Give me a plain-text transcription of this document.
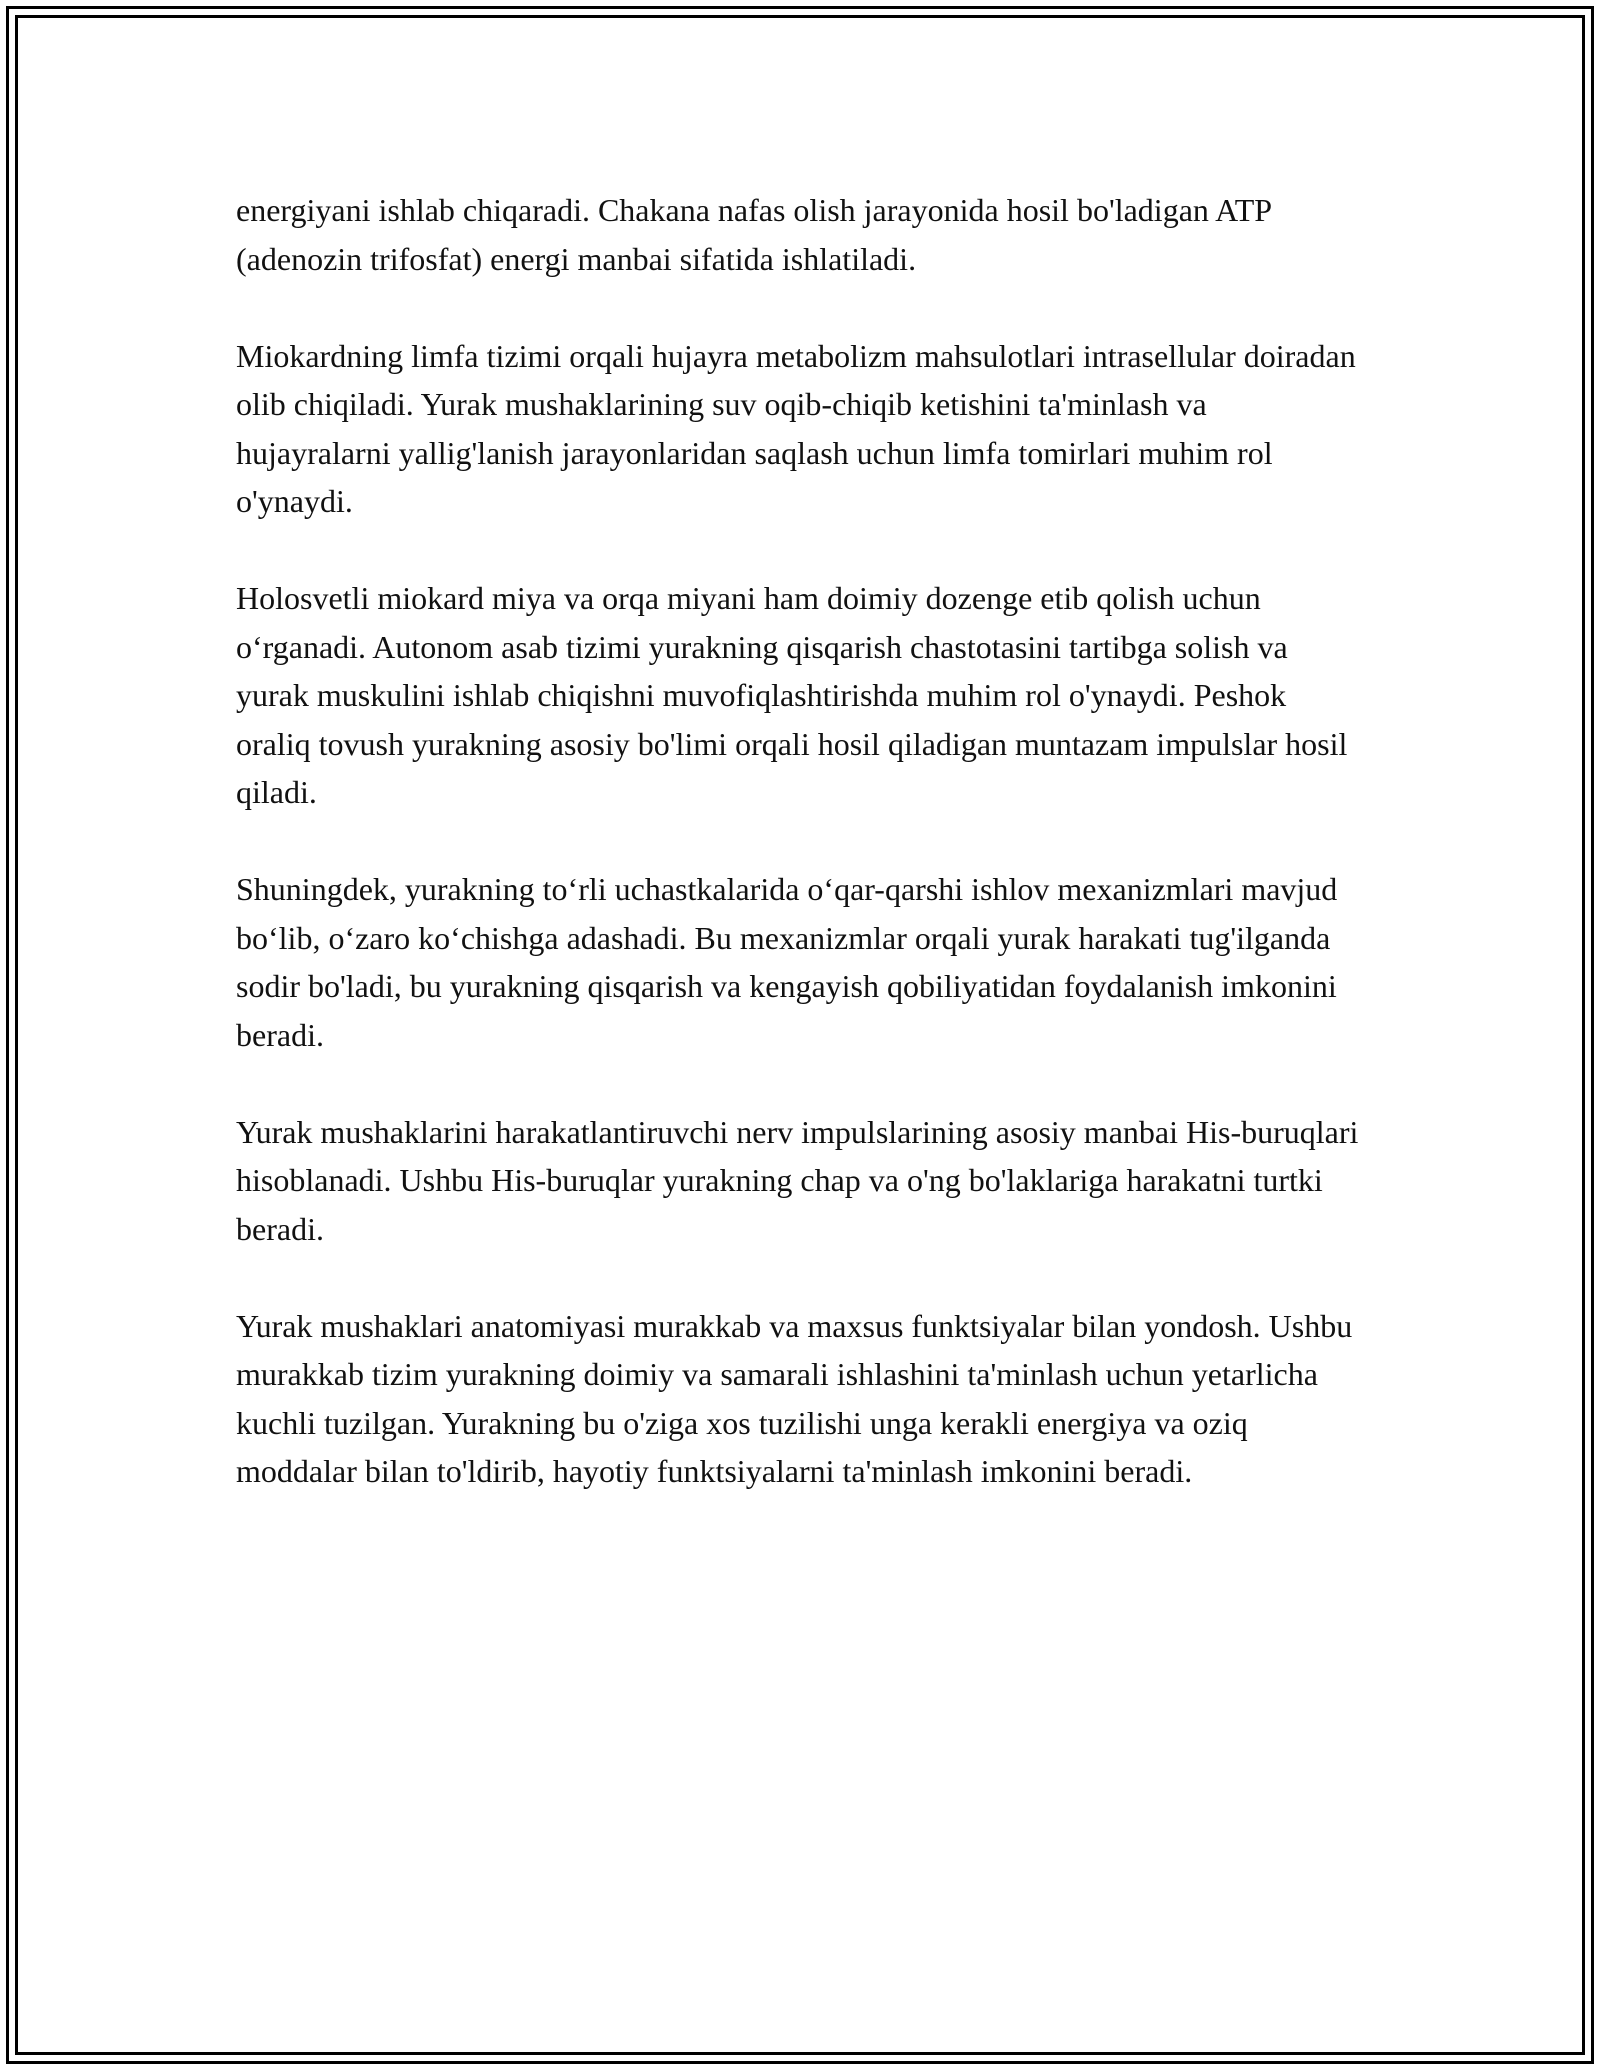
energiyani ishlab chiqaradi. Chakana nafas olish jarayonida hosil bo'ladigan ATP (adenozin trifosfat) energi manbai sifatida ishlatiladi.

Miokardning limfa tizimi orqali hujayra metabolizm mahsulotlari intrasellular doiradan olib chiqiladi. Yurak mushaklarining suv oqib-chiqib ketishini ta'minlash va hujayralarni yallig'lanish jarayonlaridan saqlash uchun limfa tomirlari muhim rol o'ynaydi.

Holosvetli miokard miya va orqa miyani ham doimiy dozenge etib qolish uchun o‘rganadi. Autonom asab tizimi yurakning qisqarish chastotasini tartibga solish va yurak muskulini ishlab chiqishni muvofiqlashtirishda muhim rol o'ynaydi. Peshok oraliq tovush yurakning asosiy bo'limi orqali hosil qiladigan muntazam impulslar hosil qiladi.

Shuningdek, yurakning to‘rli uchastkalarida o‘qar-qarshi ishlov mexanizmlari mavjud bo‘lib, o‘zaro ko‘chishga adashadi. Bu mexanizmlar orqali yurak harakati tug'ilganda sodir bo'ladi, bu yurakning qisqarish va kengayish qobiliyatidan foydalanish imkonini beradi.

Yurak mushaklarini harakatlantiruvchi nerv impulslarining asosiy manbai His-buruqlari hisoblanadi. Ushbu His-buruqlar yurakning chap va o'ng bo'laklariga harakatni turtki beradi.

Yurak mushaklari anatomiyasi murakkab va maxsus funktsiyalar bilan yondosh. Ushbu murakkab tizim yurakning doimiy va samarali ishlashini ta'minlash uchun yetarlicha kuchli tuzilgan. Yurakning bu o'ziga xos tuzilishi unga kerakli energiya va oziq moddalar bilan to'ldirib, hayotiy funktsiyalarni ta'minlash imkonini beradi.
